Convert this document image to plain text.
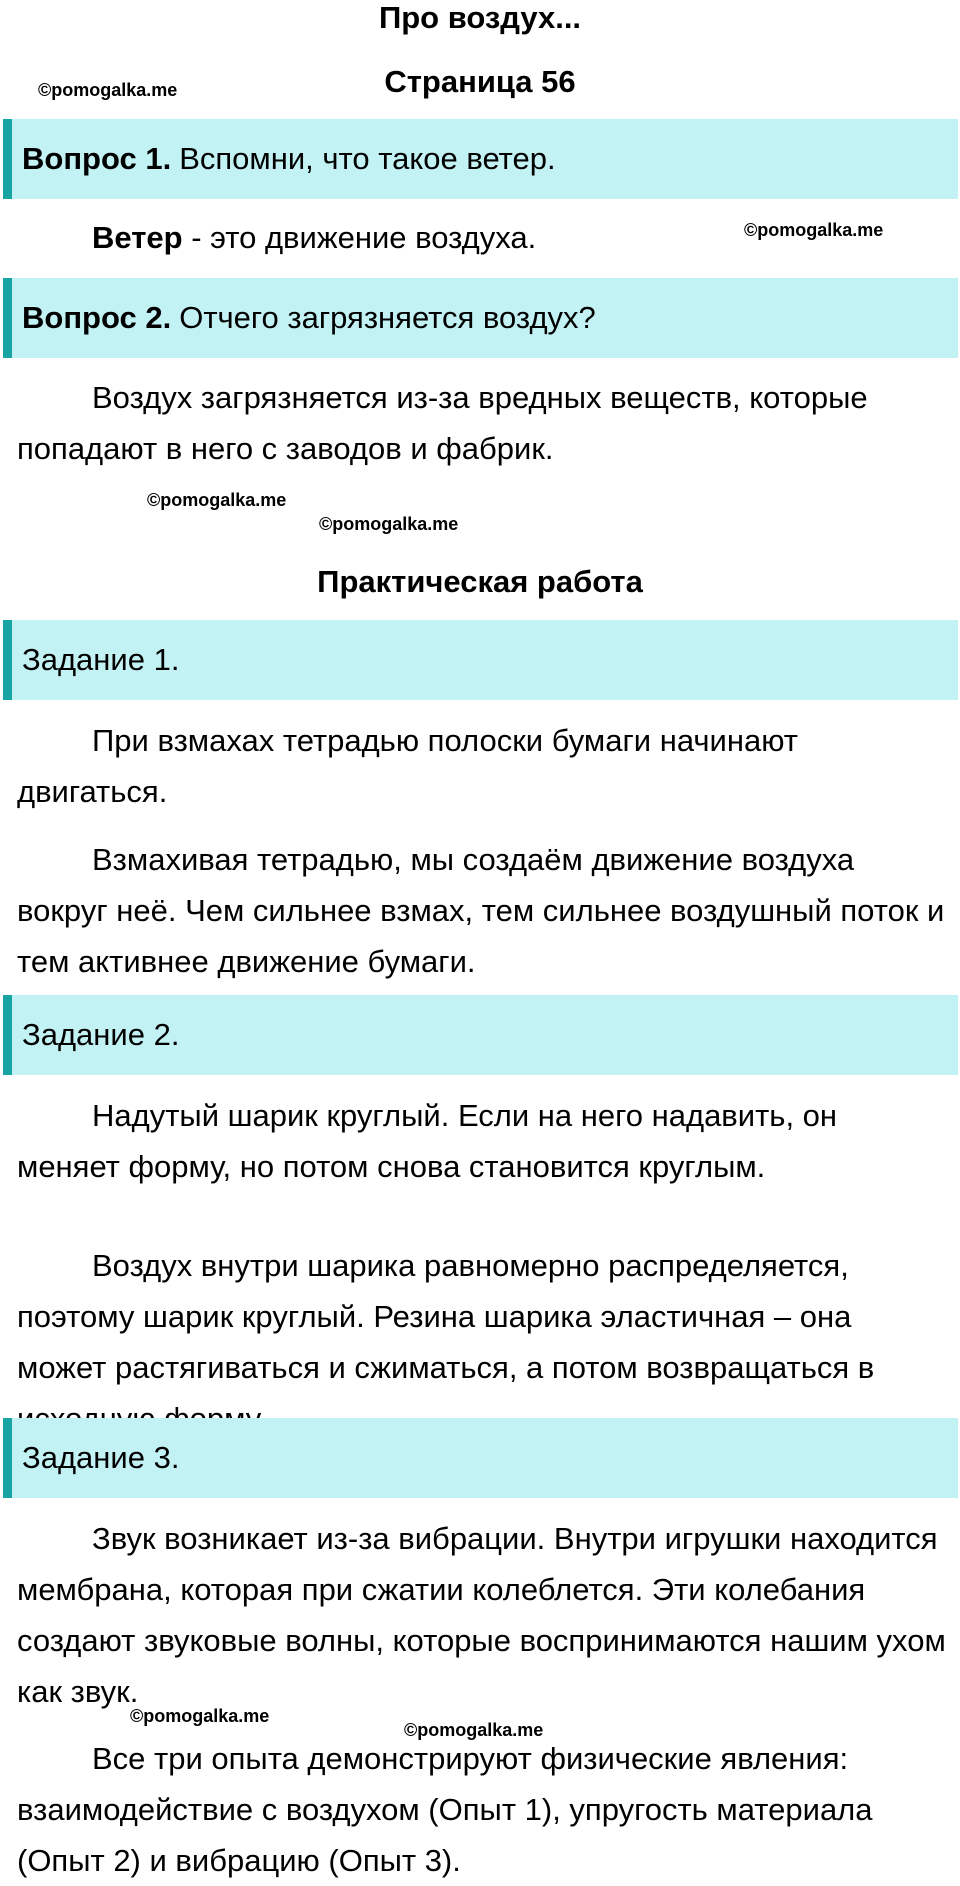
Про воздух...
Страница 56
©pomogalka.me
Вопрос 1. Вспомни, что такое ветер.
Ветер - это движение воздуха.	©pomogalka.me
Вопрос 2. Отчего загрязняется воздух?
Воздух загрязняется из-за вредных веществ, которые попадают в него с заводов и фабрик.
©pomogalka.me
©pomogalka.me
Практическая работа
Задание 1.
При взмахах тетрадью полоски бумаги начинают двигаться.
Взмахивая тетрадью, мы создаём движение воздуха вокруг неё. Чем сильнее взмах, тем сильнее воздушный поток и тем активнее движение бумаги.
Задание 2.
Надутый шарик круглый. Если на него надавить, он меняет форму, но потом снова становится круглым.
Воздух внутри шарика равномерно распределяется, поэтому шарик круглый. Резина шарика эластичная – она может растягиваться и сжиматься, а потом возвращаться в
Задание 3.
Звук возникает из-за вибрации. Внутри игрушки находится мембрана, которая при сжатии колеблется. Эти колебания создают звуковые волны, которые воспринимаются нашим ухом как звук.
©pomogalka.me
©pomogalka.me
Все три опыта демонстрируют физические явления: взаимодействие с воздухом (Опыт 1), упругость материала (Опыт 2) и вибрацию (Опыт 3).
